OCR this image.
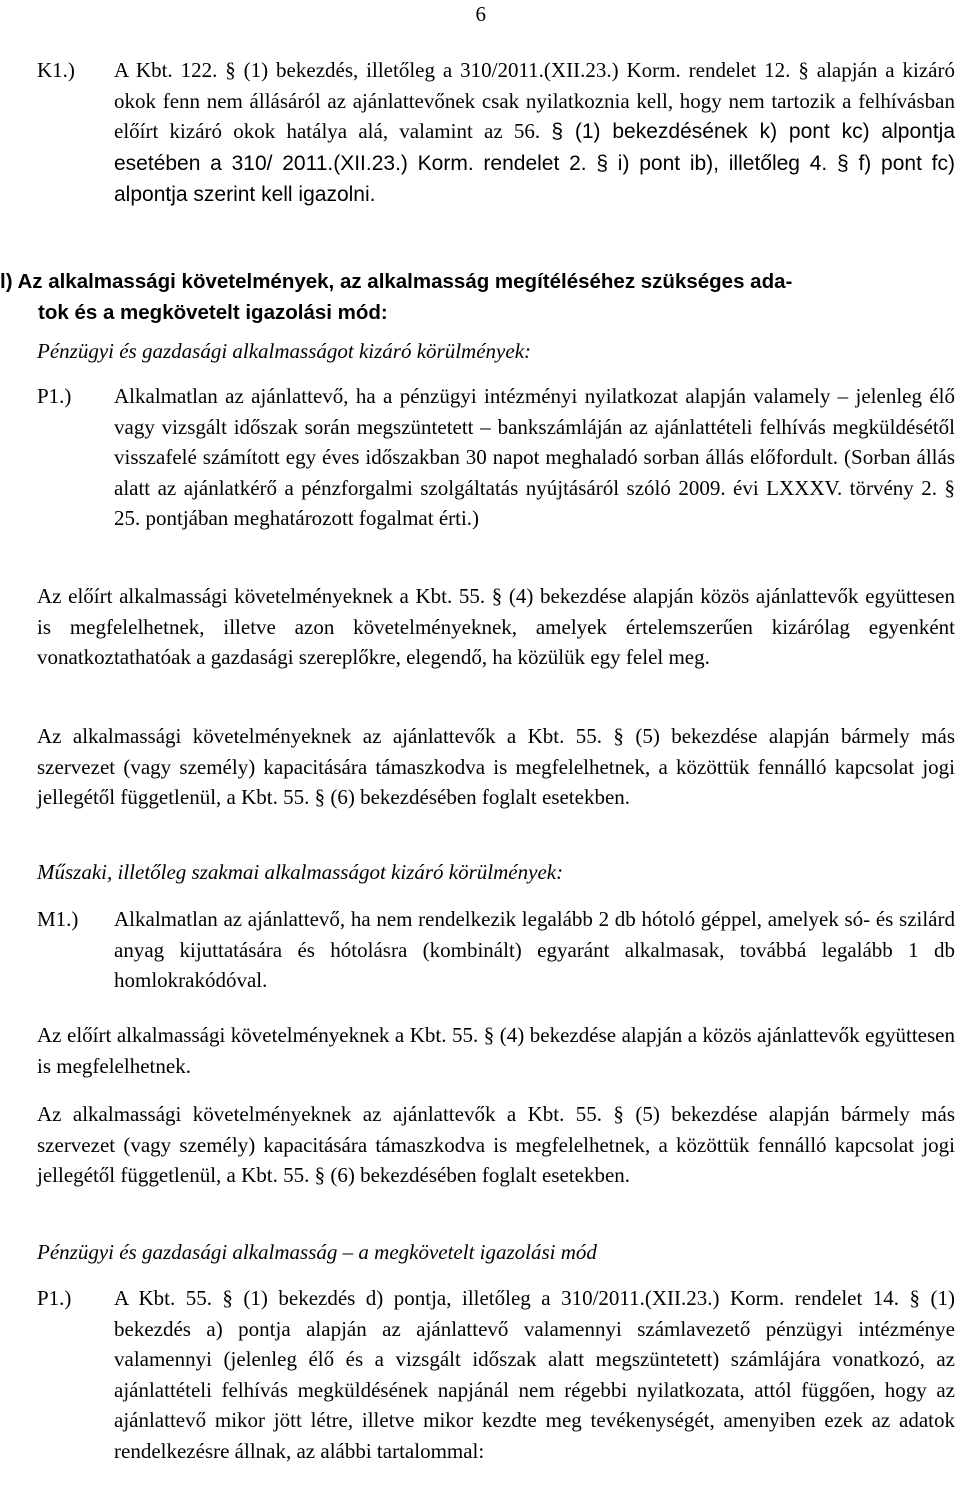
6
K1.)	A Kbt. 122. § (1) bekezdés, illetőleg a 310/2011.(XII.23.) Korm. rendelet 12. § alapján a kizáró okok fenn nem állásáról az ajánlattevőnek csak nyilatkoznia kell, hogy nem tartozik a felhívásban előírt kizáró okok hatálya alá, valamint az 56. § (1) bekezdésének k) pont kc) alpontja esetében a 310/ 2011.(XII.23.) Korm. rendelet 2. § i) pont ib), illetőleg 4. § f) pont fc) alpontja szerint kell igazolni.
l) Az alkalmassági követelmények, az alkalmasság megítéléséhez szükséges ada-
tok és a megkövetelt igazolási mód:
Pénzügyi és gazdasági alkalmasságot kizáró körülmények:
P1.)	Alkalmatlan az ajánlattevő, ha a pénzügyi intézményi nyilatkozat alapján valamely – jelenleg élő vagy vizsgált időszak során megszüntetett – bankszámláján az ajánlattételi felhívás megküldésétől visszafelé számított egy éves időszakban 30 napot meghaladó sorban állás előfordult. (Sorban állás alatt az ajánlatkérő a pénzforgalmi szolgáltatás nyújtásáról szóló 2009. évi LXXXV. törvény 2. § 25. pontjában meghatározott fogalmat érti.)
Az előírt alkalmassági követelményeknek a Kbt. 55. § (4) bekezdése alapján közös ajánlattevők együttesen is megfelelhetnek, illetve azon követelményeknek, amelyek értelemszerűen kizárólag egyenként vonatkoztathatóak a gazdasági szereplőkre, elegendő, ha közülük egy felel meg.
Az alkalmassági követelményeknek az ajánlattevők a Kbt. 55. § (5) bekezdése alapján bármely más szervezet (vagy személy) kapacitására támaszkodva is megfelelhetnek, a közöttük fennálló kapcsolat jogi jellegétől függetlenül, a Kbt. 55. § (6) bekezdésében foglalt esetekben.
Műszaki, illetőleg szakmai alkalmasságot kizáró körülmények:
M1.)	Alkalmatlan az ajánlattevő, ha nem rendelkezik legalább 2 db hótoló géppel, amelyek só- és szilárd anyag kijuttatására és hótolásra (kombinált) egyaránt alkalmasak, továbbá legalább 1 db homlokrakódóval.
Az előírt alkalmassági követelményeknek a Kbt. 55. § (4) bekezdése alapján a közös ajánlattevők együttesen is megfelelhetnek.
Az alkalmassági követelményeknek az ajánlattevők a Kbt. 55. § (5) bekezdése alapján bármely más szervezet (vagy személy) kapacitására támaszkodva is megfelelhetnek, a közöttük fennálló kapcsolat jogi jellegétől függetlenül, a Kbt. 55. § (6) bekezdésében foglalt esetekben.
Pénzügyi és gazdasági alkalmasság – a megkövetelt igazolási mód
P1.)	A Kbt. 55. § (1) bekezdés d) pontja, illetőleg a 310/2011.(XII.23.) Korm. rendelet 14. § (1) bekezdés a) pontja alapján az ajánlattevő valamennyi számlavezető pénzügyi intézménye valamennyi (jelenleg élő és a vizsgált időszak alatt megszüntetett) számlájára vonatkozó, az ajánlattételi felhívás megküldésének napjánál nem régebbi nyilatkozata, attól függően, hogy az ajánlattevő mikor jött létre, illetve mikor kezdte meg tevékenységét, amenyiben ezek az adatok rendelkezésre állnak, az alábbi tartalommal:
